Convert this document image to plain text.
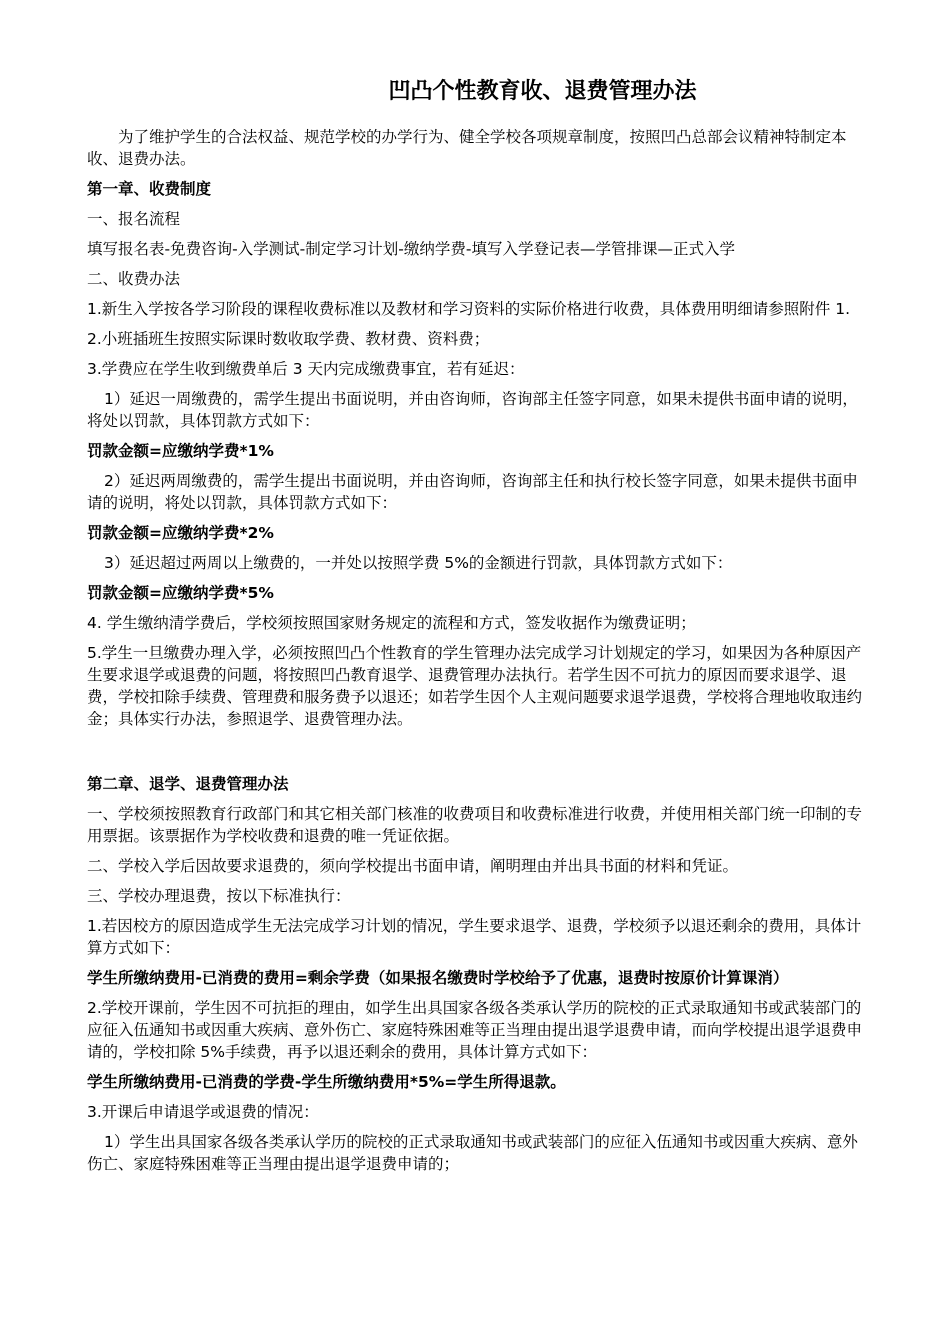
凹凸个性教育收、退费管理办法

为了维护学生的合法权益、规范学校的办学行为、健全学校各项规章制度，按照凹凸总部会议精神特制定本收、退费办法。

第一章、收费制度

一、报名流程

填写报名表-免费咨询-入学测试-制定学习计划-缴纳学费-填写入学登记表—学管排课—正式入学

二、收费办法

1.新生入学按各学习阶段的课程收费标准以及教材和学习资料的实际价格进行收费，具体费用明细请参照附件 1.

2.小班插班生按照实际课时数收取学费、教材费、资料费；

3.学费应在学生收到缴费单后 3 天内完成缴费事宜，若有延迟：

1）延迟一周缴费的，需学生提出书面说明，并由咨询师，咨询部主任签字同意，如果未提供书面申请的说明，将处以罚款，具体罚款方式如下：

罚款金额=应缴纳学费*1%

2）延迟两周缴费的，需学生提出书面说明，并由咨询师，咨询部主任和执行校长签字同意，如果未提供书面申请的说明，将处以罚款，具体罚款方式如下：

罚款金额=应缴纳学费*2%

3）延迟超过两周以上缴费的，一并处以按照学费 5%的金额进行罚款，具体罚款方式如下：

罚款金额=应缴纳学费*5%

4. 学生缴纳清学费后，学校须按照国家财务规定的流程和方式，签发收据作为缴费证明；

5.学生一旦缴费办理入学，必须按照凹凸个性教育的学生管理办法完成学习计划规定的学习，如果因为各种原因产生要求退学或退费的问题，将按照凹凸教育退学、退费管理办法执行。若学生因不可抗力的原因而要求退学、退费，学校扣除手续费、管理费和服务费予以退还；如若学生因个人主观问题要求退学退费，学校将合理地收取违约金；具体实行办法，参照退学、退费管理办法。

第二章、退学、退费管理办法

一、学校须按照教育行政部门和其它相关部门核准的收费项目和收费标准进行收费，并使用相关部门统一印制的专用票据。该票据作为学校收费和退费的唯一凭证依据。

二、学校入学后因故要求退费的，须向学校提出书面申请，阐明理由并出具书面的材料和凭证。

三、学校办理退费，按以下标准执行：

1.若因校方的原因造成学生无法完成学习计划的情况，学生要求退学、退费，学校须予以退还剩余的费用，具体计算方式如下：

学生所缴纳费用-已消费的费用=剩余学费（如果报名缴费时学校给予了优惠，退费时按原价计算课消）

2.学校开课前，学生因不可抗拒的理由，如学生出具国家各级各类承认学历的院校的正式录取通知书或武装部门的应征入伍通知书或因重大疾病、意外伤亡、家庭特殊困难等正当理由提出退学退费申请，而向学校提出退学退费申请的，学校扣除 5%手续费，再予以退还剩余的费用，具体计算方式如下：

学生所缴纳费用-已消费的学费-学生所缴纳费用*5%=学生所得退款。

3.开课后申请退学或退费的情况：

1）学生出具国家各级各类承认学历的院校的正式录取通知书或武装部门的应征入伍通知书或因重大疾病、意外伤亡、家庭特殊困难等正当理由提出退学退费申请的；
